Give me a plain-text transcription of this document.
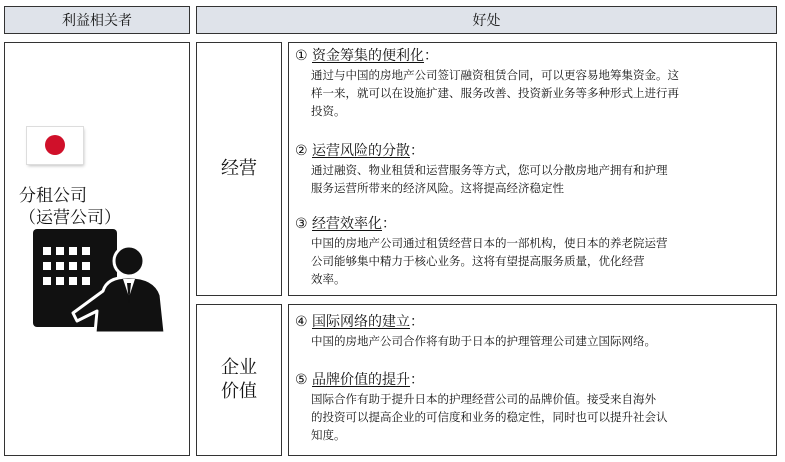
利益相关者	好处
分租公司
（运营公司）
经营
① 资金筹集的便利化：
通过与中国的房地产公司签订融资租赁合同，可以更容易地筹集资金。这
样一来，就可以在设施扩建、服务改善、投资新业务等多种形式上进行再
投资。
② 运营风险的分散：
通过融资、物业租赁和运营服务等方式，您可以分散房地产拥有和护理
服务运营所带来的经济风险。这将提高经济稳定性
③ 经营效率化：
中国的房地产公司通过租赁经营日本的一部机构，使日本的养老院运营
公司能够集中精力于核心业务。这将有望提高服务质量，优化经营
效率。
企业
价值
④ 国际网络的建立：
中国的房地产公司合作将有助于日本的护理管理公司建立国际网络。
⑤ 品牌价值的提升：
国际合作有助于提升日本的护理经营公司的品牌价值。接受来自海外
的投资可以提高企业的可信度和业务的稳定性，同时也可以提升社会认
知度。
